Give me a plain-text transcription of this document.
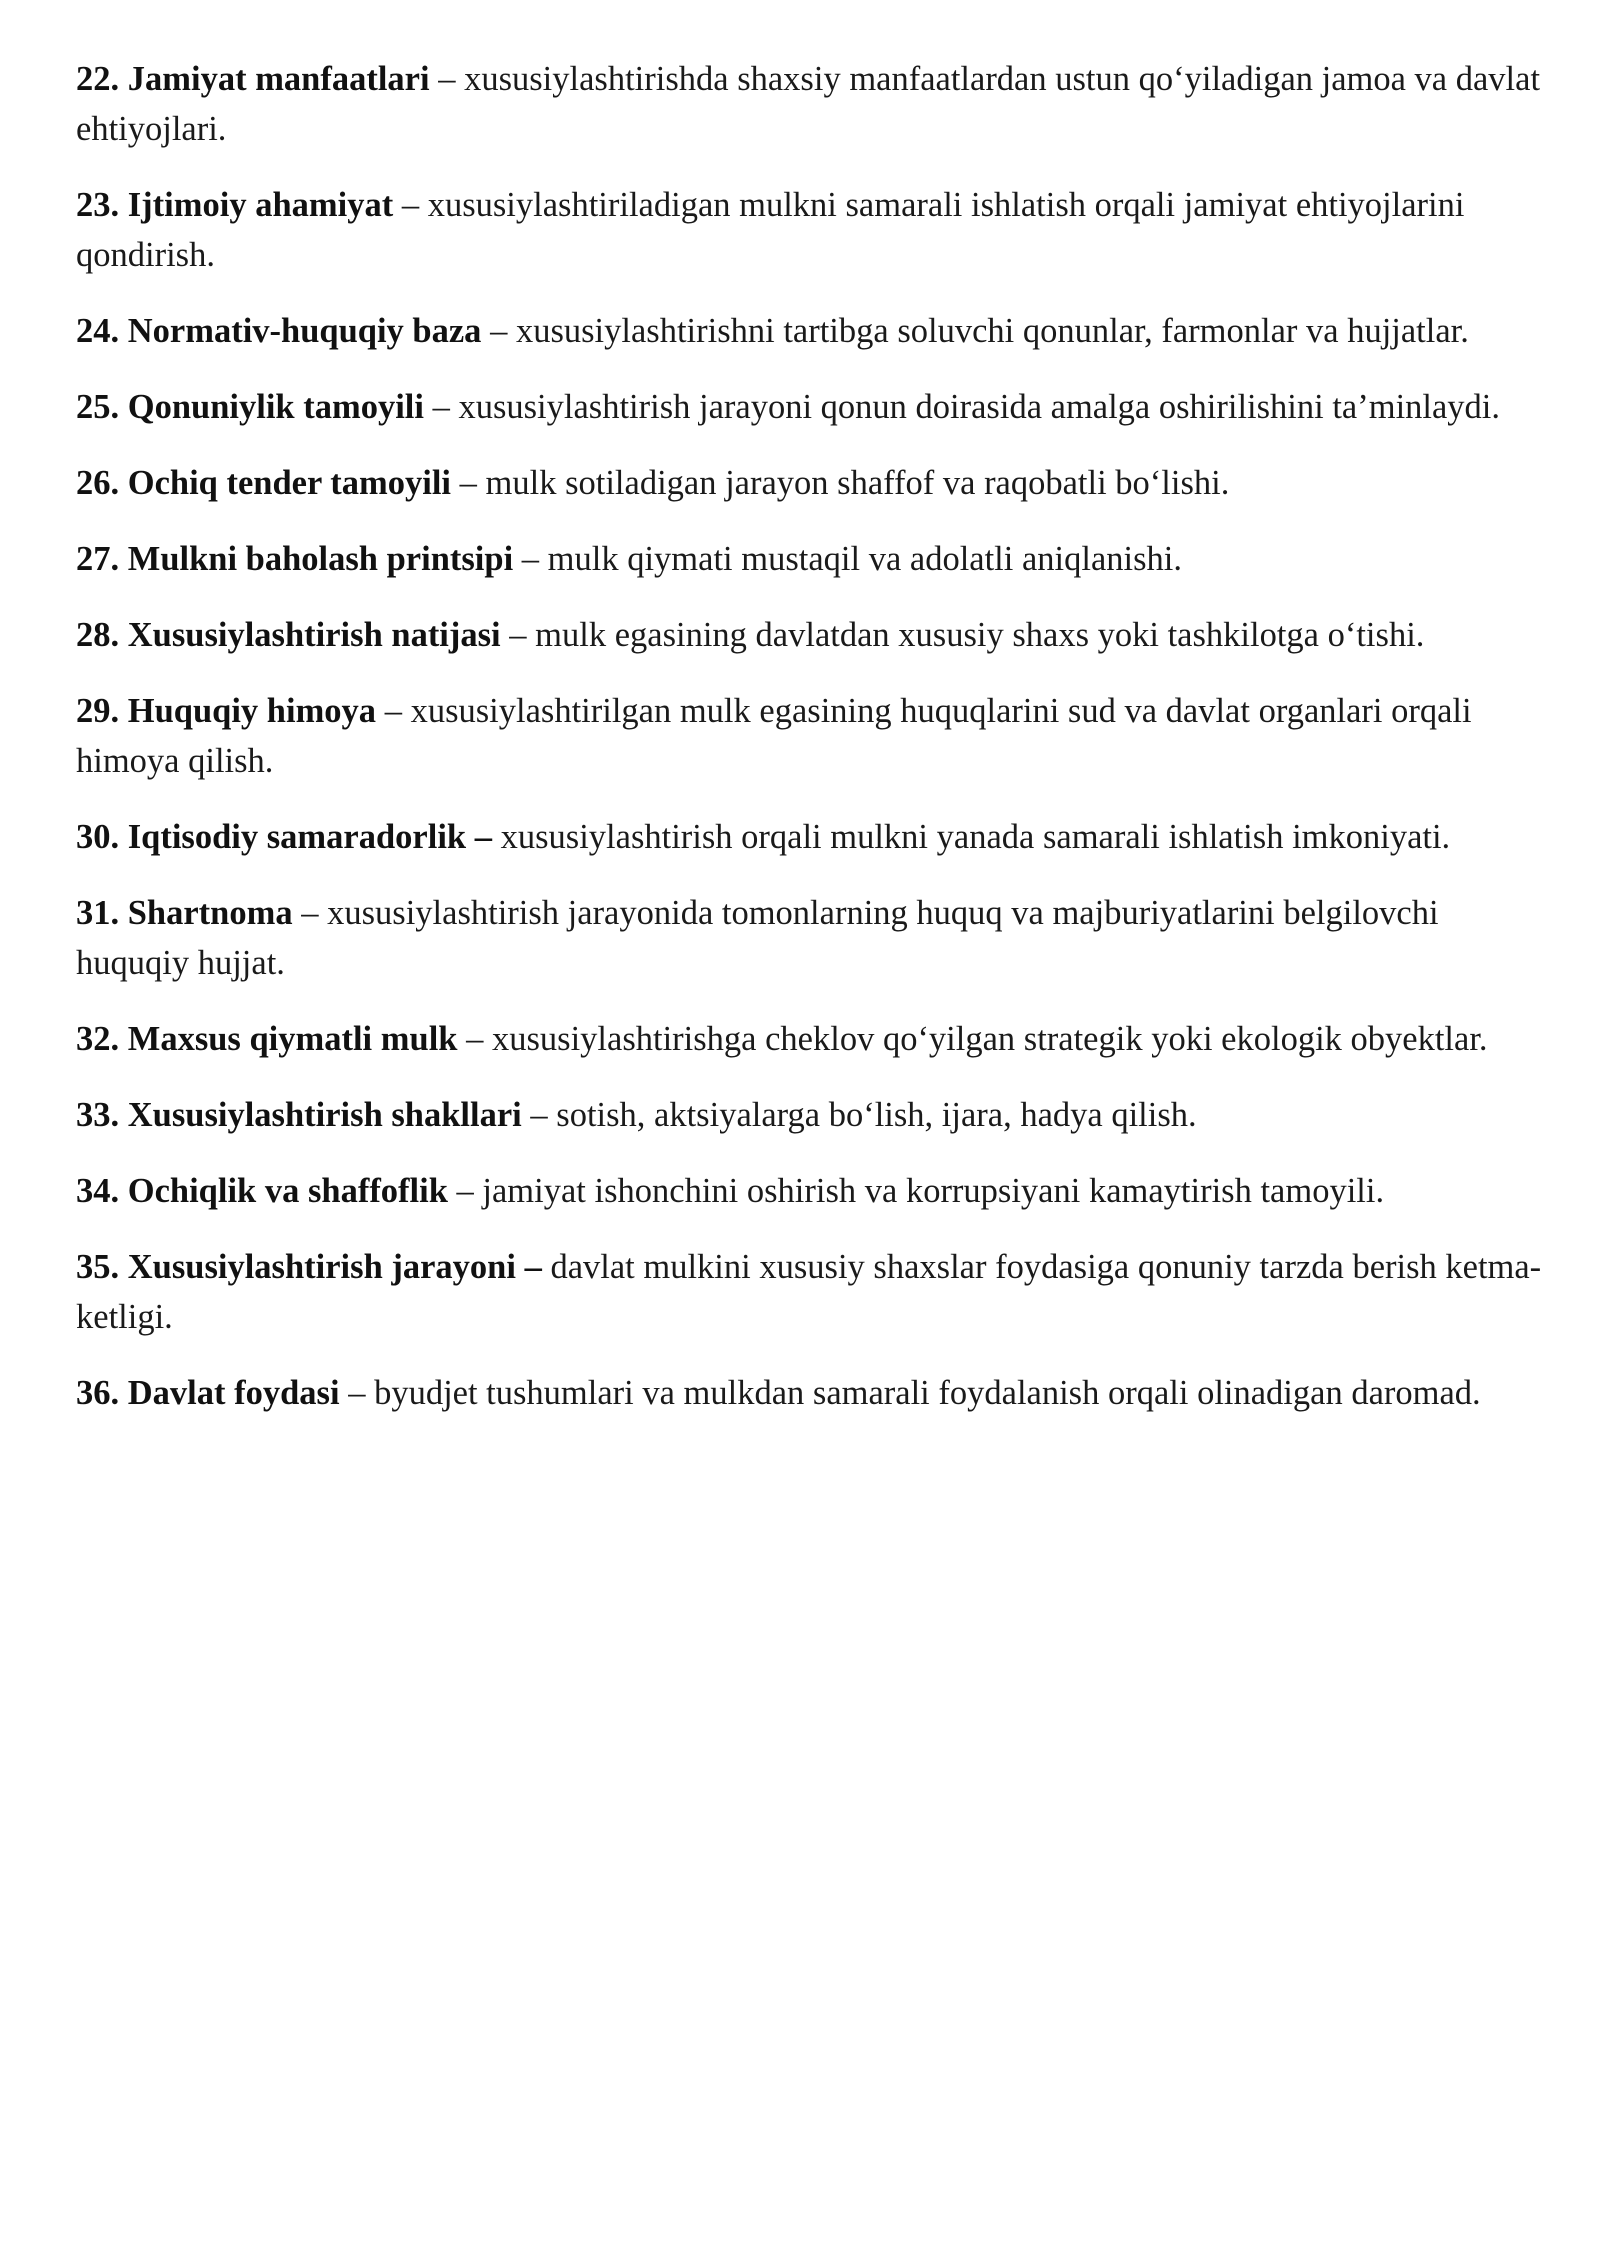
22. Jamiyat manfaatlari – xususiylashtirishda shaxsiy manfaatlardan ustun qo‘yiladigan jamoa va davlat ehtiyojlari.

23. Ijtimoiy ahamiyat – xususiylashtiriladigan mulkni samarali ishlatish orqali jamiyat ehtiyojlarini qondirish.

24. Normativ-huquqiy baza – xususiylashtirishni tartibga soluvchi qonunlar, farmonlar va hujjatlar.

25. Qonuniylik tamoyili – xususiylashtirish jarayoni qonun doirasida amalga oshirilishini ta’minlaydi.

26. Ochiq tender tamoyili – mulk sotiladigan jarayon shaffof va raqobatli bo‘lishi.

27. Mulkni baholash printsipi – mulk qiymati mustaqil va adolatli aniqlanishi.

28. Xususiylashtirish natijasi – mulk egasining davlatdan xususiy shaxs yoki tashkilotga o‘tishi.

29. Huquqiy himoya – xususiylashtirilgan mulk egasining huquqlarini sud va davlat organlari orqali himoya qilish.

30. Iqtisodiy samaradorlik – xususiylashtirish orqali mulkni yanada samarali ishlatish imkoniyati.

31. Shartnoma – xususiylashtirish jarayonida tomonlarning huquq va majburiyatlarini belgilovchi huquqiy hujjat.

32. Maxsus qiymatli mulk – xususiylashtirishga cheklov qo‘yilgan strategik yoki ekologik obyektlar.

33. Xususiylashtirish shakllari – sotish, aktsiyalarga bo‘lish, ijara, hadya qilish.

34. Ochiqlik va shaffoflik – jamiyat ishonchini oshirish va korrupsiyani kamaytirish tamoyili.

35. Xususiylashtirish jarayoni – davlat mulkini xususiy shaxslar foydasiga qonuniy tarzda berish ketma-ketligi.

36. Davlat foydasi – byudjet tushumlari va mulkdan samarali foydalanish orqali olinadigan daromad.
